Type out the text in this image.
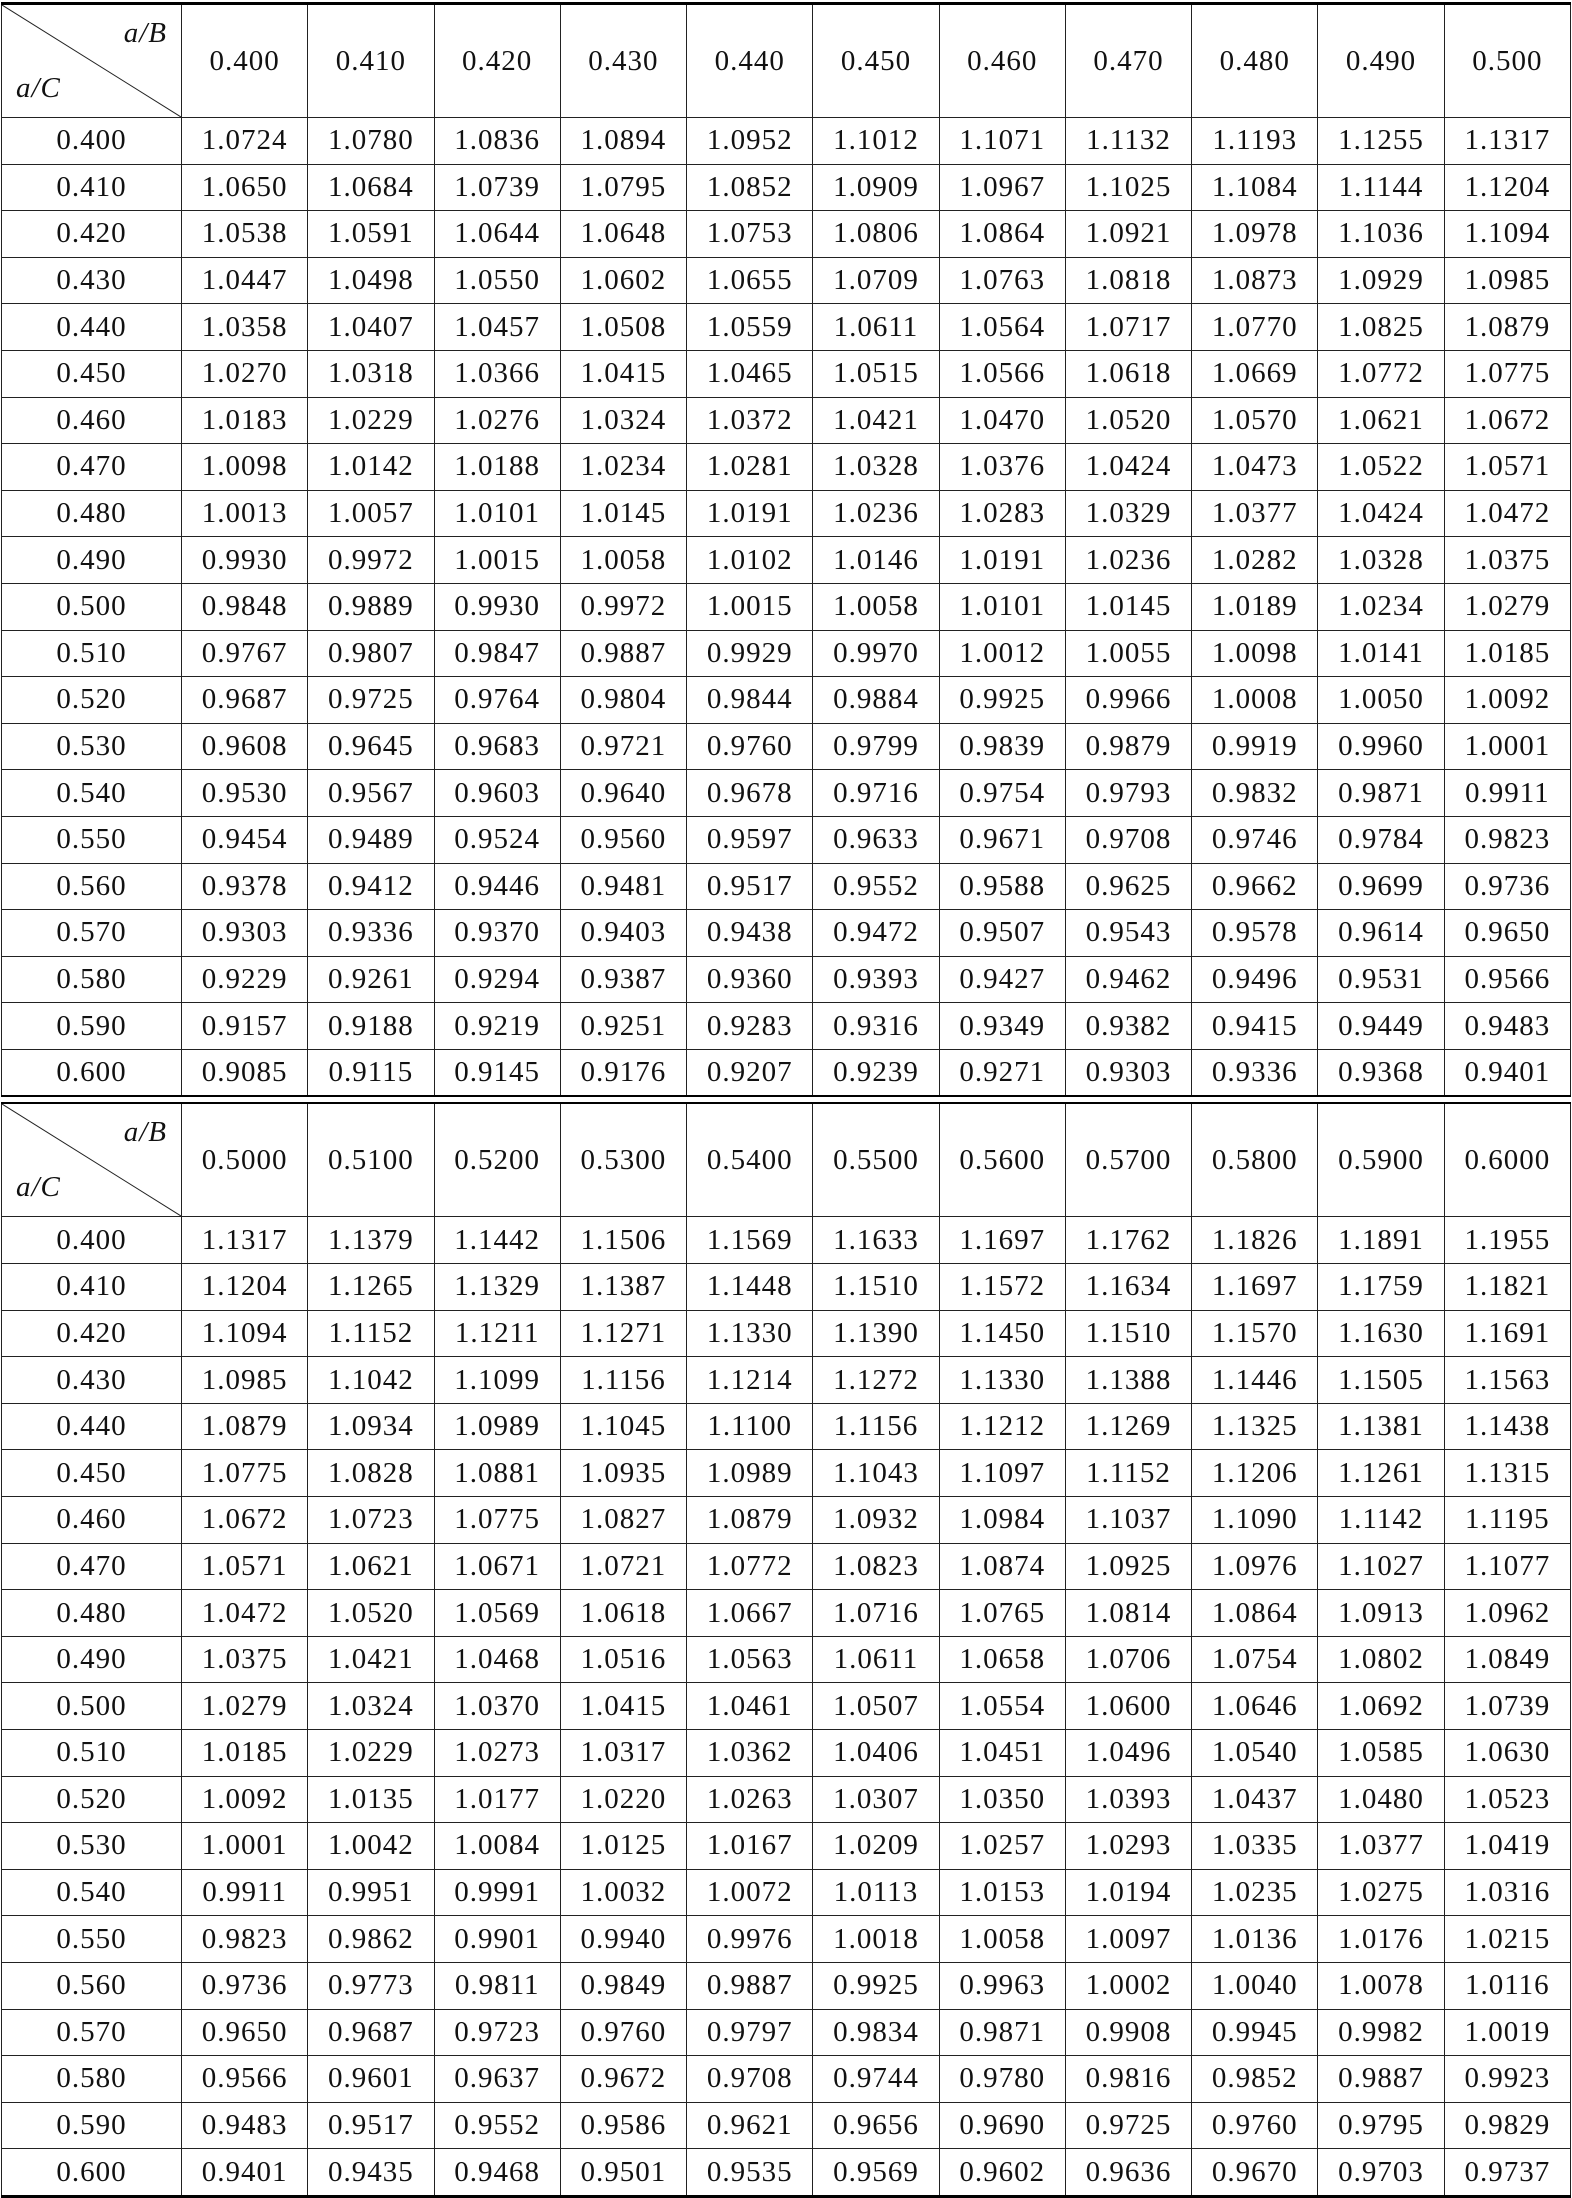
a/B
a/C	0.400	0.410	0.420	0.430	0.440	0.450	0.460	0.470	0.480	0.490	0.500
0.400	1.0724	1.0780	1.0836	1.0894	1.0952	1.1012	1.1071	1.1132	1.1193	1.1255	1.1317
0.410	1.0650	1.0684	1.0739	1.0795	1.0852	1.0909	1.0967	1.1025	1.1084	1.1144	1.1204
0.420	1.0538	1.0591	1.0644	1.0648	1.0753	1.0806	1.0864	1.0921	1.0978	1.1036	1.1094
0.430	1.0447	1.0498	1.0550	1.0602	1.0655	1.0709	1.0763	1.0818	1.0873	1.0929	1.0985
0.440	1.0358	1.0407	1.0457	1.0508	1.0559	1.0611	1.0564	1.0717	1.0770	1.0825	1.0879
0.450	1.0270	1.0318	1.0366	1.0415	1.0465	1.0515	1.0566	1.0618	1.0669	1.0772	1.0775
0.460	1.0183	1.0229	1.0276	1.0324	1.0372	1.0421	1.0470	1.0520	1.0570	1.0621	1.0672
0.470	1.0098	1.0142	1.0188	1.0234	1.0281	1.0328	1.0376	1.0424	1.0473	1.0522	1.0571
0.480	1.0013	1.0057	1.0101	1.0145	1.0191	1.0236	1.0283	1.0329	1.0377	1.0424	1.0472
0.490	0.9930	0.9972	1.0015	1.0058	1.0102	1.0146	1.0191	1.0236	1.0282	1.0328	1.0375
0.500	0.9848	0.9889	0.9930	0.9972	1.0015	1.0058	1.0101	1.0145	1.0189	1.0234	1.0279
0.510	0.9767	0.9807	0.9847	0.9887	0.9929	0.9970	1.0012	1.0055	1.0098	1.0141	1.0185
0.520	0.9687	0.9725	0.9764	0.9804	0.9844	0.9884	0.9925	0.9966	1.0008	1.0050	1.0092
0.530	0.9608	0.9645	0.9683	0.9721	0.9760	0.9799	0.9839	0.9879	0.9919	0.9960	1.0001
0.540	0.9530	0.9567	0.9603	0.9640	0.9678	0.9716	0.9754	0.9793	0.9832	0.9871	0.9911
0.550	0.9454	0.9489	0.9524	0.9560	0.9597	0.9633	0.9671	0.9708	0.9746	0.9784	0.9823
0.560	0.9378	0.9412	0.9446	0.9481	0.9517	0.9552	0.9588	0.9625	0.9662	0.9699	0.9736
0.570	0.9303	0.9336	0.9370	0.9403	0.9438	0.9472	0.9507	0.9543	0.9578	0.9614	0.9650
0.580	0.9229	0.9261	0.9294	0.9387	0.9360	0.9393	0.9427	0.9462	0.9496	0.9531	0.9566
0.590	0.9157	0.9188	0.9219	0.9251	0.9283	0.9316	0.9349	0.9382	0.9415	0.9449	0.9483
0.600	0.9085	0.9115	0.9145	0.9176	0.9207	0.9239	0.9271	0.9303	0.9336	0.9368	0.9401
a/B
a/C	0.5000	0.5100	0.5200	0.5300	0.5400	0.5500	0.5600	0.5700	0.5800	0.5900	0.6000
0.400	1.1317	1.1379	1.1442	1.1506	1.1569	1.1633	1.1697	1.1762	1.1826	1.1891	1.1955
0.410	1.1204	1.1265	1.1329	1.1387	1.1448	1.1510	1.1572	1.1634	1.1697	1.1759	1.1821
0.420	1.1094	1.1152	1.1211	1.1271	1.1330	1.1390	1.1450	1.1510	1.1570	1.1630	1.1691
0.430	1.0985	1.1042	1.1099	1.1156	1.1214	1.1272	1.1330	1.1388	1.1446	1.1505	1.1563
0.440	1.0879	1.0934	1.0989	1.1045	1.1100	1.1156	1.1212	1.1269	1.1325	1.1381	1.1438
0.450	1.0775	1.0828	1.0881	1.0935	1.0989	1.1043	1.1097	1.1152	1.1206	1.1261	1.1315
0.460	1.0672	1.0723	1.0775	1.0827	1.0879	1.0932	1.0984	1.1037	1.1090	1.1142	1.1195
0.470	1.0571	1.0621	1.0671	1.0721	1.0772	1.0823	1.0874	1.0925	1.0976	1.1027	1.1077
0.480	1.0472	1.0520	1.0569	1.0618	1.0667	1.0716	1.0765	1.0814	1.0864	1.0913	1.0962
0.490	1.0375	1.0421	1.0468	1.0516	1.0563	1.0611	1.0658	1.0706	1.0754	1.0802	1.0849
0.500	1.0279	1.0324	1.0370	1.0415	1.0461	1.0507	1.0554	1.0600	1.0646	1.0692	1.0739
0.510	1.0185	1.0229	1.0273	1.0317	1.0362	1.0406	1.0451	1.0496	1.0540	1.0585	1.0630
0.520	1.0092	1.0135	1.0177	1.0220	1.0263	1.0307	1.0350	1.0393	1.0437	1.0480	1.0523
0.530	1.0001	1.0042	1.0084	1.0125	1.0167	1.0209	1.0257	1.0293	1.0335	1.0377	1.0419
0.540	0.9911	0.9951	0.9991	1.0032	1.0072	1.0113	1.0153	1.0194	1.0235	1.0275	1.0316
0.550	0.9823	0.9862	0.9901	0.9940	0.9976	1.0018	1.0058	1.0097	1.0136	1.0176	1.0215
0.560	0.9736	0.9773	0.9811	0.9849	0.9887	0.9925	0.9963	1.0002	1.0040	1.0078	1.0116
0.570	0.9650	0.9687	0.9723	0.9760	0.9797	0.9834	0.9871	0.9908	0.9945	0.9982	1.0019
0.580	0.9566	0.9601	0.9637	0.9672	0.9708	0.9744	0.9780	0.9816	0.9852	0.9887	0.9923
0.590	0.9483	0.9517	0.9552	0.9586	0.9621	0.9656	0.9690	0.9725	0.9760	0.9795	0.9829
0.600	0.9401	0.9435	0.9468	0.9501	0.9535	0.9569	0.9602	0.9636	0.9670	0.9703	0.9737
